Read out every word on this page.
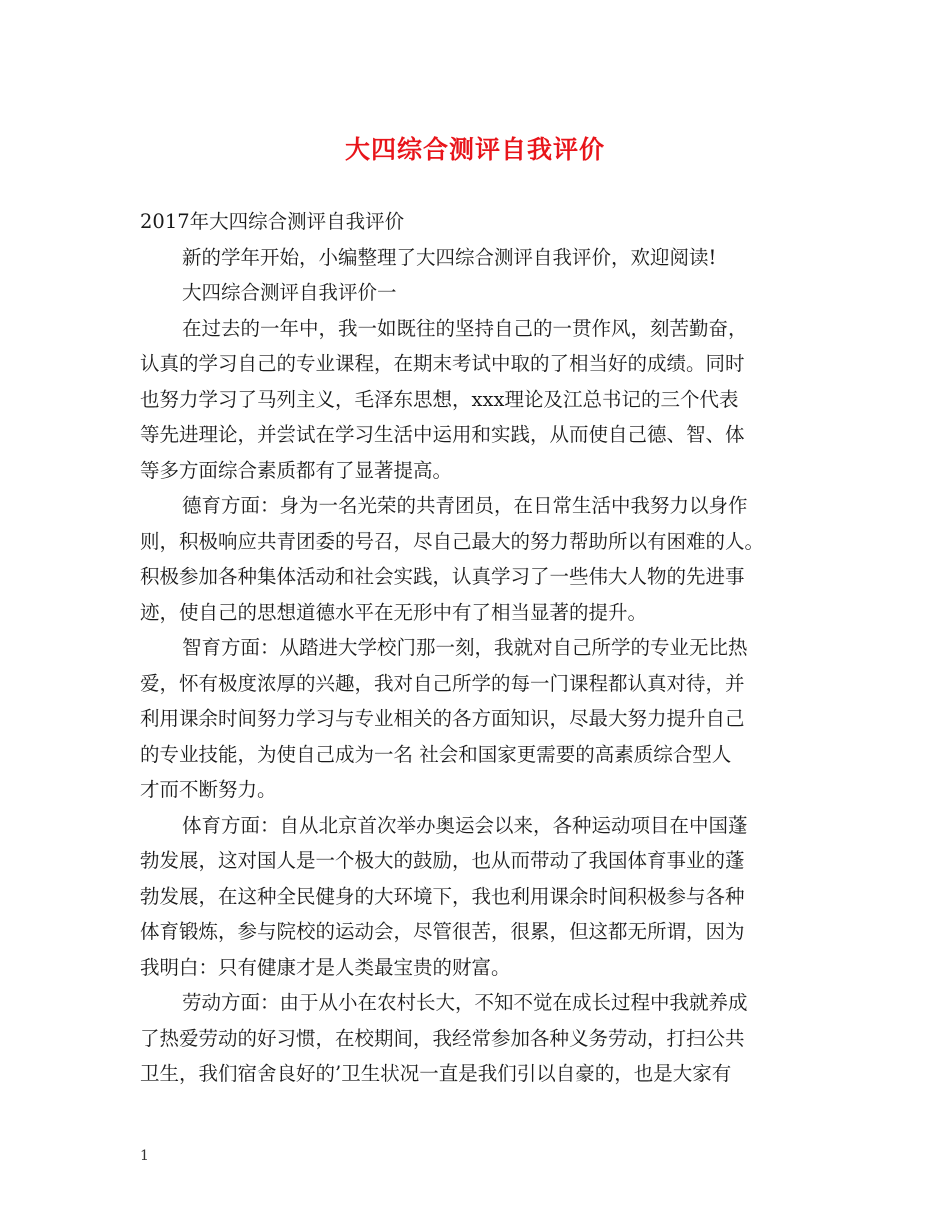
大四综合测评自我评价
2017年大四综合测评自我评价
新的学年开始，小编整理了大四综合测评自我评价，欢迎阅读!
大四综合测评自我评价一
在过去的一年中，我一如既往的坚持自己的一贯作风，刻苦勤奋，
认真的学习自己的专业课程，在期末考试中取的了相当好的成绩。同时
也努力学习了马列主义，毛泽东思想，xxx理论及江总书记的三个代表
等先进理论，并尝试在学习生活中运用和实践，从而使自己德、智、体
等多方面综合素质都有了显著提高。
德育方面：身为一名光荣的共青团员，在日常生活中我努力以身作
则，积极响应共青团委的号召，尽自己最大的努力帮助所以有困难的人。
积极参加各种集体活动和社会实践，认真学习了一些伟大人物的先进事
迹，使自己的思想道德水平在无形中有了相当显著的提升。
智育方面：从踏进大学校门那一刻，我就对自己所学的专业无比热
爱，怀有极度浓厚的兴趣，我对自己所学的每一门课程都认真对待，并
利用课余时间努力学习与专业相关的各方面知识，尽最大努力提升自己
的专业技能，为使自己成为一名 社会和国家更需要的高素质综合型人
才而不断努力。
体育方面：自从北京首次举办奥运会以来，各种运动项目在中国蓬
勃发展，这对国人是一个极大的鼓励，也从而带动了我国体育事业的蓬
勃发展，在这种全民健身的大环境下，我也利用课余时间积极参与各种
体育锻炼，参与院校的运动会，尽管很苦，很累，但这都无所谓，因为
我明白：只有健康才是人类最宝贵的财富。
劳动方面：由于从小在农村长大，不知不觉在成长过程中我就养成
了热爱劳动的好习惯，在校期间，我经常参加各种义务劳动，打扫公共
卫生，我们宿舍良好的’卫生状况一直是我们引以自豪的，也是大家有
1
